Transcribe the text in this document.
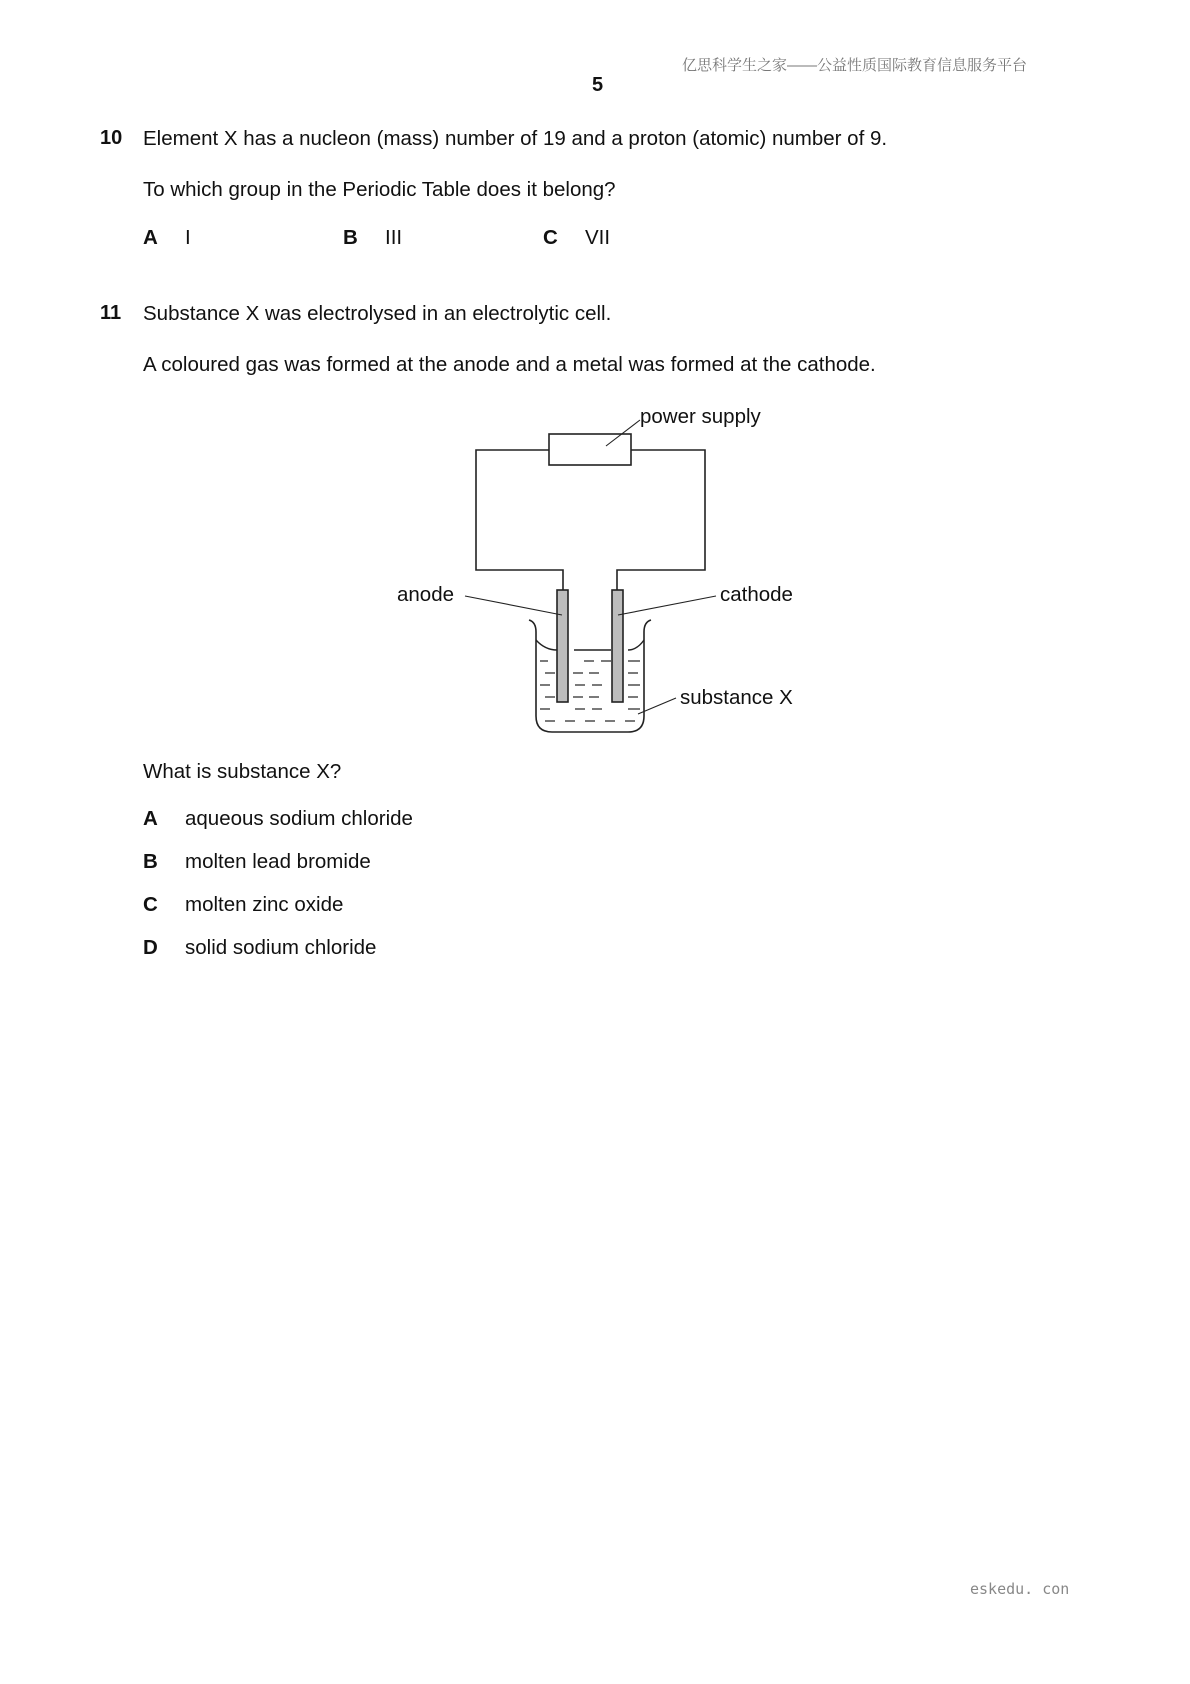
亿思科学生之家——公益性质国际教育信息服务平台
5
10 Element X has a nucleon (mass) number of 19 and a proton (atomic) number of 9.
To which group in the Periodic Table does it belong?
A I	B III	C VII
11 Substance X was electrolysed in an electrolytic cell.
A coloured gas was formed at the anode and a metal was formed at the cathode.
power supply
anode	cathode
substance X
What is substance X?
A aqueous sodium chloride
B molten lead bromide
C molten zinc oxide
D solid sodium chloride
eskedu. con
